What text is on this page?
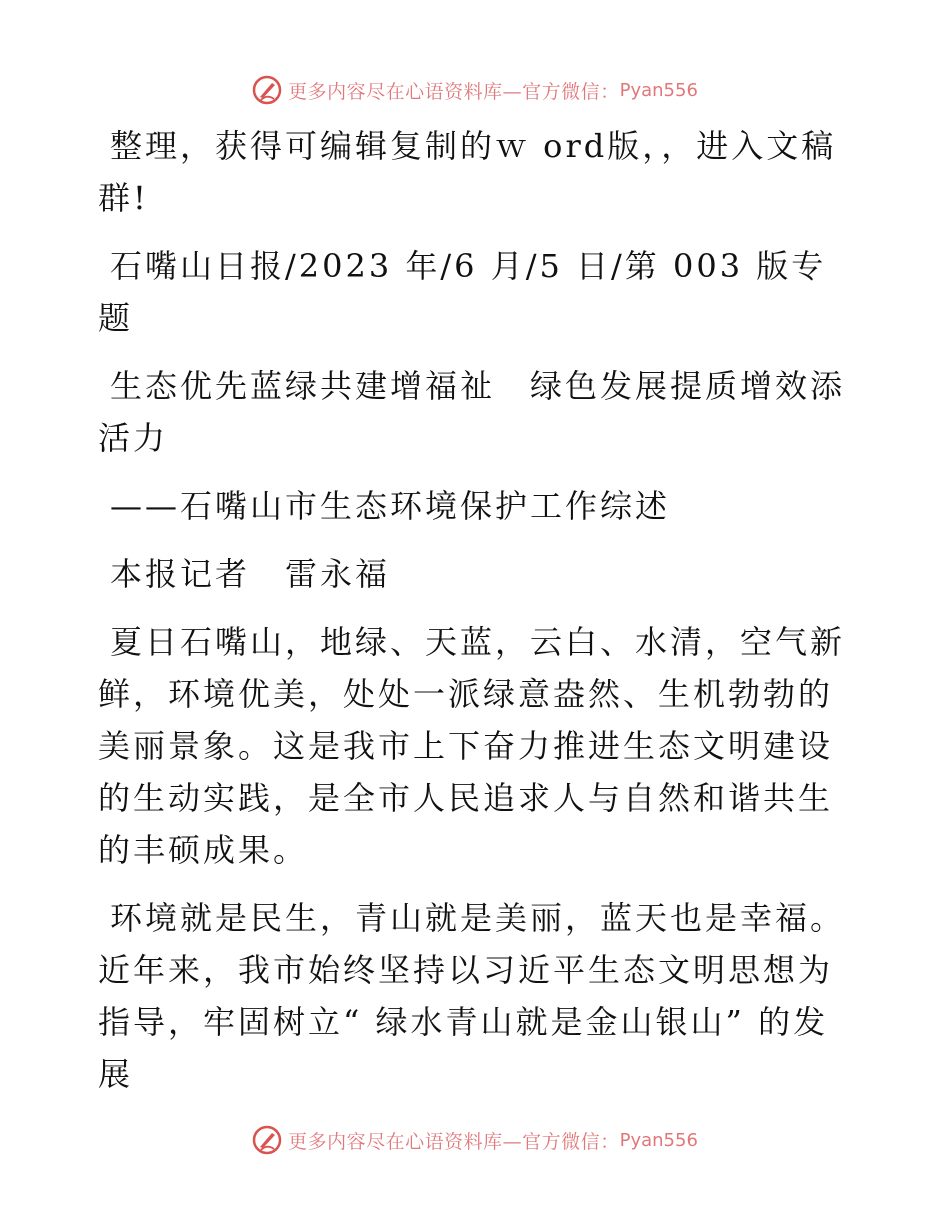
更多内容尽在心语资料库—官方微信： Pyan556

整理，获得可编辑复制的ｗ ord版，，进入文稿群!

石嘴山日报/2023 年/6 月/5 日/第 003 版专题

生态优先蓝绿共建增福祉　绿色发展提质增效添活力

——石嘴山市生态环境保护工作综述

本报记者　雷永福

夏日石嘴山，地绿、天蓝，云白、水清，空气新鲜，环境优美，处处一派绿意盎然、生机勃勃的美丽景象。这是我市上下奋力推进生态文明建设的生动实践，是全市人民追求人与自然和谐共生的丰硕成果。

环境就是民生，青山就是美丽，蓝天也是幸福。近年来，我市始终坚持以习近平生态文明思想为指导，牢固树立“ 绿水青山就是金山银山” 的发展

更多内容尽在心语资料库—官方微信： Pyan556
